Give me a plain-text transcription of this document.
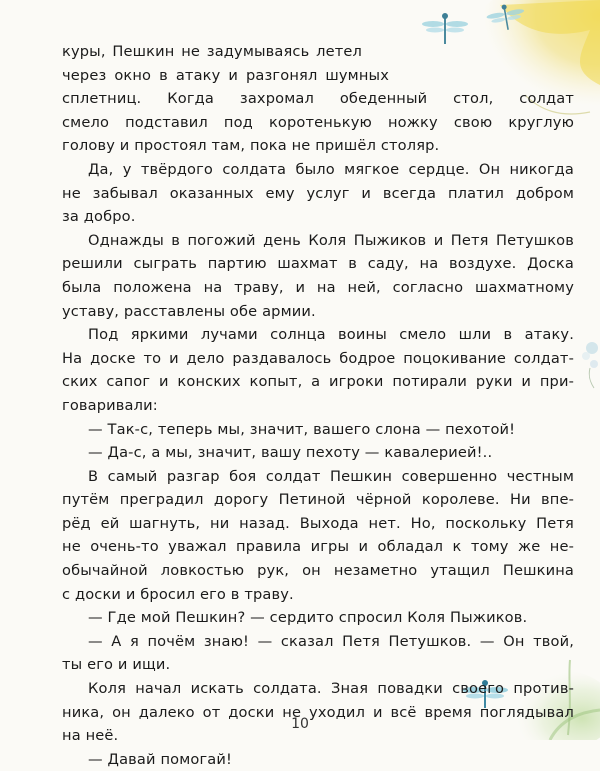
куры, Пешкин не задумываясь летел
через окно в атаку и разгонял шумных
сплетниц. Когда захромал обеденный стол, солдат
смело подставил под коротенькую ножку свою круглую
голову и простоял там, пока не пришёл столяр.
Да, у твёрдого солдата было мягкое сердце. Он никогда
не забывал оказанных ему услуг и всегда платил добром
за добро.
Однажды в погожий день Коля Пыжиков и Петя Петушков
решили сыграть партию шахмат в саду, на воздухе. Доска
была положена на траву, и на ней, согласно шахматному
уставу, расставлены обе армии.
Под яркими лучами солнца воины смело шли в атаку.
На доске то и дело раздавалось бодрое поцокивание солдат-
ских сапог и конских копыт, а игроки потирали руки и при-
говаривали:
— Так-с, теперь мы, значит, вашего слона — пехотой!
— Да-с, а мы, значит, вашу пехоту — кавалерией!..
В самый разгар боя солдат Пешкин совершенно честным
путём преградил дорогу Петиной чёрной королеве. Ни впе-
рёд ей шагнуть, ни назад. Выхода нет. Но, поскольку Петя
не очень-то уважал правила игры и обладал к тому же не-
обычайной ловкостью рук, он незаметно утащил Пешкина
с доски и бросил его в траву.
— Где мой Пешкин? — сердито спросил Коля Пыжиков.
— А я почём знаю! — сказал Петя Петушков. — Он твой,
ты его и ищи.
Коля начал искать солдата. Зная повадки своего против-
ника, он далеко от доски не уходил и всё время поглядывал
на неё.
— Давай помогай!
10
